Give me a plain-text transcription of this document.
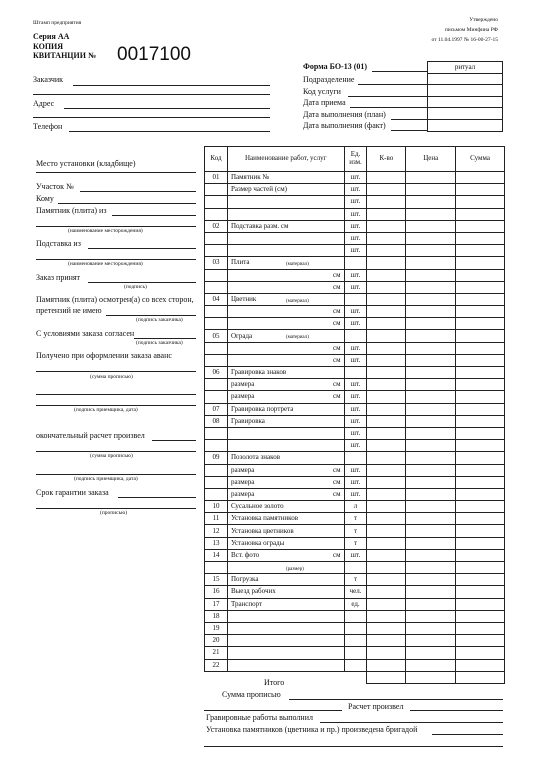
Штамп предприятия	Утверждено
письмом Минфина РФ
от 11.04.1997 № 16-00-27-15
Серия АА
КОПИЯ
КВИТАНЦИИ № 0017100
Заказчик
Адрес
Телефон
Форма БО-13 (01)
Подразделение
Код услуги
Дата приема
Дата выполнения (план)
Дата выполнения (факт)
ритуал

Место установки (кладбище)
Участок №
Кому
Памятник (плита) из
(наименование месторождения)
Подставка из
(наименование месторождения)
Заказ принят
(подпись)
Памятник (плита) осмотрен(а) со всех сторон,
претензий не имею
(подпись заказчика)
С условиями заказа согласен
(подпись заказчика)
Получено при оформлении заказа аванс
(сумма прописью)
(подпись приемщика, дата)
окончательный расчет произвел
(сумма прописью)
(подпись приемщика, дата)
Срок гарантии заказа
(прописью)
Код	Наименование работ, услуг	Ед. изм.	К-во	Цена	Сумма
01	Памятник №	шт.			
	Размер частей (см)	шт.			

	шт.			

	шт.			
02	Подставка разм. см	шт.			

	шт.			

	шт.			
03	Плита (материал)				

	см	шт.			

	см	шт.			
04	Цветник (материал)				

	см	шт.			

	см	шт.			
05	Ограда (материал)				

	см	шт.			

	см	шт.			
06	Гравировка знаков

	размера см	шт.			
	размера см	шт.			
07	Гравировка портрета	шт.			
08	Гравировка	шт.			

	шт.			

	шт.			
09	Позолота знаков

	размера см	шт.			
	размера см	шт.			
	размера см	шт.			
10	Сусальное золото	л			
11	Установка памятников	т			
12	Установка цветников	т			
13	Установка ограды	т			
14	Вст. фото см	шт.			

	(размер)				

15	Погрузка	т			
16	Выезд рабочих	чел.			
17	Транспорт	ед.			
18	

19	

20	

21	

22	

Итого
Сумма прописью
Расчет произвел
Гравировные работы выполнил
Установка памятников (цветника и пр.) произведена бригадой
